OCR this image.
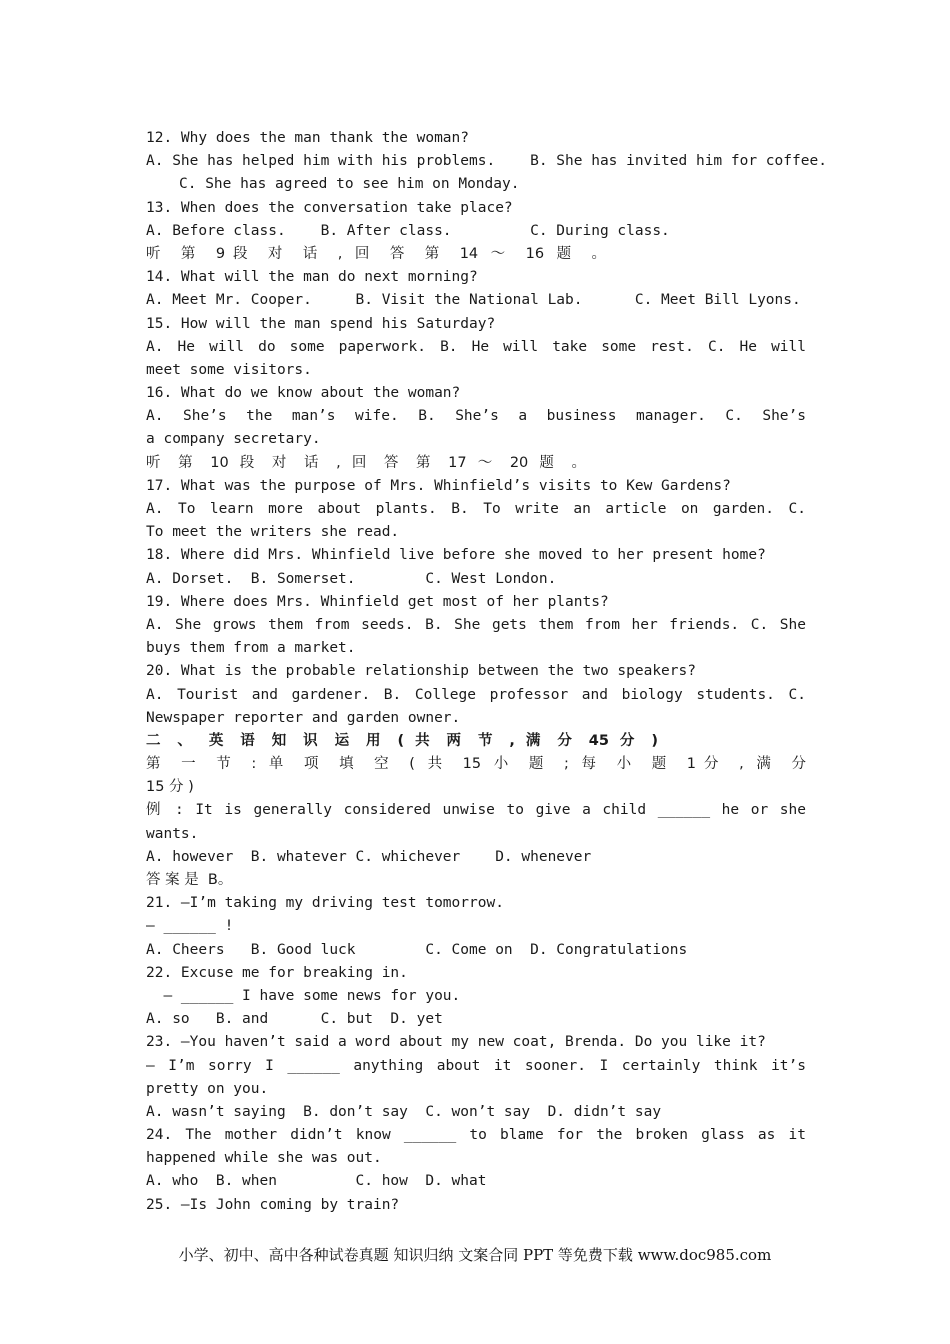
12. Why does the man thank the woman?
A. She has helped him with his problems.    B. She has invited him for coffee.
C. She has agreed to see him on Monday.
13. When does the conversation take place?
A. Before class.    B. After class.         C. During class.
听 第 9段 对 话 , 回 答 第 14 ～ 16 题 。
14. What will the man do next morning?
A. Meet Mr. Cooper.     B. Visit the National Lab.      C. Meet Bill Lyons.
15. How will the man spend his Saturday?
A. He will do some paperwork. B. He will take some rest. C. He will
meet some visitors.
16. What do we know about the woman?
A. She’s the man’s wife. B. She’s a business manager. C. She’s
a company secretary.
听 第 10 段 对 话 , 回 答 第 17 ～ 20 题 。
17. What was the purpose of Mrs. Whinfield’s visits to Kew Gardens?
A. To learn more about plants. B. To write an article on garden. C.
To meet the writers she read.
18. Where did Mrs. Whinfield live before she moved to her present home?
A. Dorset.  B. Somerset.        C. West London.
19. Where does Mrs. Whinfield get most of her plants?
A. She grows them from seeds. B. She gets them from her friends. C. She
buys them from a market.
20. What is the probable relationship between the two speakers?
A. Tourist and gardener. B. College professor and biology students. C.
Newspaper reporter and garden owner.
二 、 英 语 知 识 运 用 ( 共 两 节 , 满 分 45 分 )
第 一 节 : 单 项 填 空 ( 共 15 小 题 ; 每 小 题 1分 , 满 分
15 分 )
例 : It is generally considered unwise to give a child ______ he or she
wants.
A. however  B. whatever C. whichever    D. whenever
答 案 是  B。
21. —I’m taking my driving test tomorrow.
— ______ !
A. Cheers   B. Good luck        C. Come on  D. Congratulations
22. Excuse me for breaking in.
— ______ I have some news for you.
A. so   B. and      C. but  D. yet
23. —You haven’t said a word about my new coat, Brenda. Do you like it?
— I’m sorry I ______ anything about it sooner. I certainly think it’s
pretty on you.
A. wasn’t saying  B. don’t say  C. won’t say  D. didn’t say
24. The mother didn’t know ______ to blame for the broken glass as it
happened while she was out.
A. who  B. when         C. how  D. what
25. —Is John coming by train?
小学、初中、高中各种试卷真题 知识归纳 文案合同 PPT 等免费下载 www.doc985.com
